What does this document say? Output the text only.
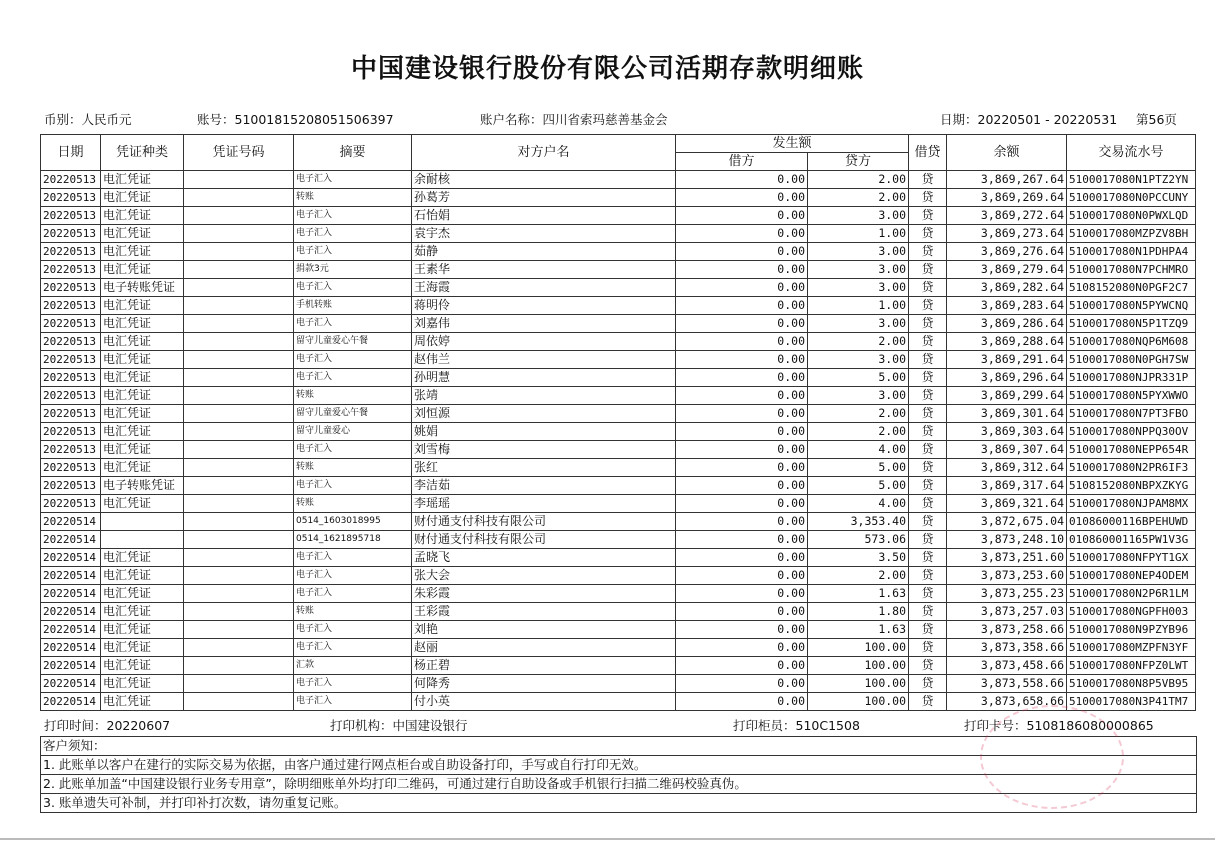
中国建设银行股份有限公司活期存款明细账
币别：人民币元	账号：51001815208051506397	账户名称：四川省索玛慈善基金会	日期：20220501 - 20220531 第56页
日期	凭证种类	凭证号码	摘要	对方户名	发生额		借贷	余额	交易流水号
					借方	贷方			
20220513	电汇凭证		电子汇入	余耐核	0.00	2.00	贷	3,869,267.64	5100017080N1PTZ2YN
20220513	电汇凭证		转账	孙葛芳	0.00	2.00	贷	3,869,269.64	5100017080N0PCCUNY
20220513	电汇凭证		电子汇入	石怡娟	0.00	3.00	贷	3,869,272.64	5100017080N0PWXLQD
20220513	电汇凭证		电子汇入	袁宇杰	0.00	1.00	贷	3,869,273.64	5100017080MZPZV8BH
20220513	电汇凭证		电子汇入	茹静	0.00	3.00	贷	3,869,276.64	5100017080N1PDHPA4
20220513	电汇凭证		捐款3元	王素华	0.00	3.00	贷	3,869,279.64	5100017080N7PCHMRO
20220513	电子转账凭证		电子汇入	王海霞	0.00	3.00	贷	3,869,282.64	5108152080N0PGF2C7
20220513	电汇凭证		手机转账	蒋明伶	0.00	1.00	贷	3,869,283.64	5100017080N5PYWCNQ
20220513	电汇凭证		电子汇入	刘嘉伟	0.00	3.00	贷	3,869,286.64	5100017080N5P1TZQ9
20220513	电汇凭证		留守儿童爱心午餐	周依婷	0.00	2.00	贷	3,869,288.64	5100017080NQP6M608
20220513	电汇凭证		电子汇入	赵伟兰	0.00	3.00	贷	3,869,291.64	5100017080N0PGH7SW
20220513	电汇凭证		电子汇入	孙明慧	0.00	5.00	贷	3,869,296.64	5100017080NJPR331P
20220513	电汇凭证		转账	张靖	0.00	3.00	贷	3,869,299.64	5100017080N5PYXWWO
20220513	电汇凭证		留守儿童爱心午餐	刘恒源	0.00	2.00	贷	3,869,301.64	5100017080N7PT3FBO
20220513	电汇凭证		留守儿童爱心	姚娟	0.00	2.00	贷	3,869,303.64	5100017080NPPQ30OV
20220513	电汇凭证		电子汇入	刘雪梅	0.00	4.00	贷	3,869,307.64	5100017080NEPP654R
20220513	电汇凭证		转账	张红	0.00	5.00	贷	3,869,312.64	5100017080N2PR6IF3
20220513	电子转账凭证		电子汇入	李洁茹	0.00	5.00	贷	3,869,317.64	5108152080NBPXZKYG
20220513	电汇凭证		转账	李瑶瑶	0.00	4.00	贷	3,869,321.64	5100017080NJPAM8MX
20220514			0514_1603018995	财付通支付科技有限公司	0.00	3,353.40	贷	3,872,675.04	01086000116BPEHUWD
20220514			0514_1621895718	财付通支付科技有限公司	0.00	573.06	贷	3,873,248.10	010860001165PW1V3G
20220514	电汇凭证		电子汇入	孟晓飞	0.00	3.50	贷	3,873,251.60	5100017080NFPYT1GX
20220514	电汇凭证		电子汇入	张大会	0.00	2.00	贷	3,873,253.60	5100017080NEP4ODEM
20220514	电汇凭证		电子汇入	朱彩霞	0.00	1.63	贷	3,873,255.23	5100017080N2P6R1LM
20220514	电汇凭证		转账	王彩霞	0.00	1.80	贷	3,873,257.03	5100017080NGPFH003
20220514	电汇凭证		电子汇入	刘艳	0.00	1.63	贷	3,873,258.66	5100017080N9PZYB96
20220514	电汇凭证		电子汇入	赵丽	0.00	100.00	贷	3,873,358.66	5100017080MZPFN3YF
20220514	电汇凭证		汇款	杨正碧	0.00	100.00	贷	3,873,458.66	5100017080NFPZ0LWT
20220514	电汇凭证		电子汇入	何降秀	0.00	100.00	贷	3,873,558.66	5100017080N8P5VB95
20220514	电汇凭证		电子汇入	付小英	0.00	100.00	贷	3,873,658.66	5100017080N3P41TM7
打印时间：20220607	打印机构：中国建设银行	打印柜员：510C1508	打印卡号：5108186080000865
客户须知：
1. 此账单以客户在建行的实际交易为依据，由客户通过建行网点柜台或自助设备打印，手写或自行打印无效。
2. 此账单加盖“中国建设银行业务专用章”，除明细账单外均打印二维码，可通过建行自助设备或手机银行扫描二维码校验真伪。
3. 账单遗失可补制，并打印补打次数，请勿重复记账。
